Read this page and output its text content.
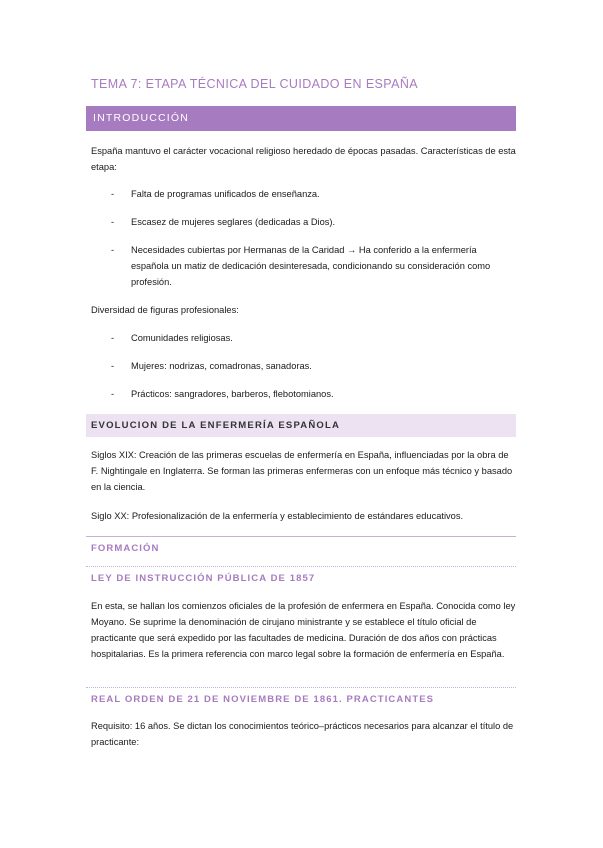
TEMA 7: ETAPA TÉCNICA DEL CUIDADO EN ESPAÑA
INTRODUCCIÓN
España mantuvo el carácter vocacional religioso heredado de épocas pasadas. Características de esta etapa:
- Falta de programas unificados de enseñanza.
- Escasez de mujeres seglares (dedicadas a Dios).
- Necesidades cubiertas por Hermanas de la Caridad → Ha conferido a la enfermería española un matiz de dedicación desinteresada, condicionando su consideración como profesión.
Diversidad de figuras profesionales:
- Comunidades religiosas.
- Mujeres: nodrizas, comadronas, sanadoras.
- Prácticos: sangradores, barberos, flebotomianos.
EVOLUCION DE LA ENFERMERÍA ESPAÑOLA
Siglos XIX: Creación de las primeras escuelas de enfermería en España, influenciadas por la obra de F. Nightingale en Inglaterra. Se forman las primeras enfermeras con un enfoque más técnico y basado en la ciencia.
Siglo XX: Profesionalización de la enfermería y establecimiento de estándares educativos.
FORMACIÓN
LEY DE INSTRUCCIÓN PÚBLICA DE 1857
En esta, se hallan los comienzos oficiales de la profesión de enfermera en España. Conocida como ley Moyano. Se suprime la denominación de cirujano ministrante y se establece el título oficial de practicante que será expedido por las facultades de medicina. Duración de dos años con prácticas hospitalarias. Es la primera referencia con marco legal sobre la formación de enfermería en España.
REAL ORDEN DE 21 DE NOVIEMBRE DE 1861. PRACTICANTES
Requisito: 16 años. Se dictan los conocimientos teórico–prácticos necesarios para alcanzar el título de practicante:
